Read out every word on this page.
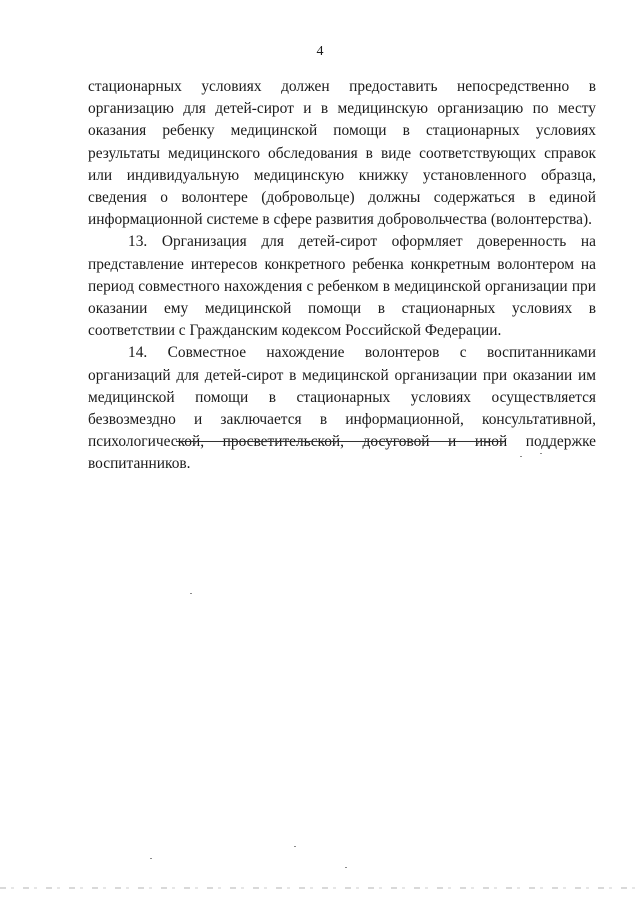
4

стационарных условиях должен предоставить непосредственно в организацию для детей-сирот и в медицинскую организацию по месту оказания ребенку медицинской помощи в стационарных условиях результаты медицинского обследования в виде соответствующих справок или индивидуальную медицинскую книжку установленного образца, сведения о волонтере (добровольце) должны содержаться в единой информационной системе в сфере развития добровольчества (волонтерства).

13. Организация для детей-сирот оформляет доверенность на представление интересов конкретного ребенка конкретным волонтером на период совместного нахождения с ребенком в медицинской организации при оказании ему медицинской помощи в стационарных условиях в соответствии с Гражданским кодексом Российской Федерации.

14. Совместное нахождение волонтеров с воспитанниками организаций для детей-сирот в медицинской организации при оказании им медицинской помощи в стационарных условиях осуществляется безвозмездно и заключается в информационной, консультативной, психологической, просветительской, досуговой и иной поддержке воспитанников.
